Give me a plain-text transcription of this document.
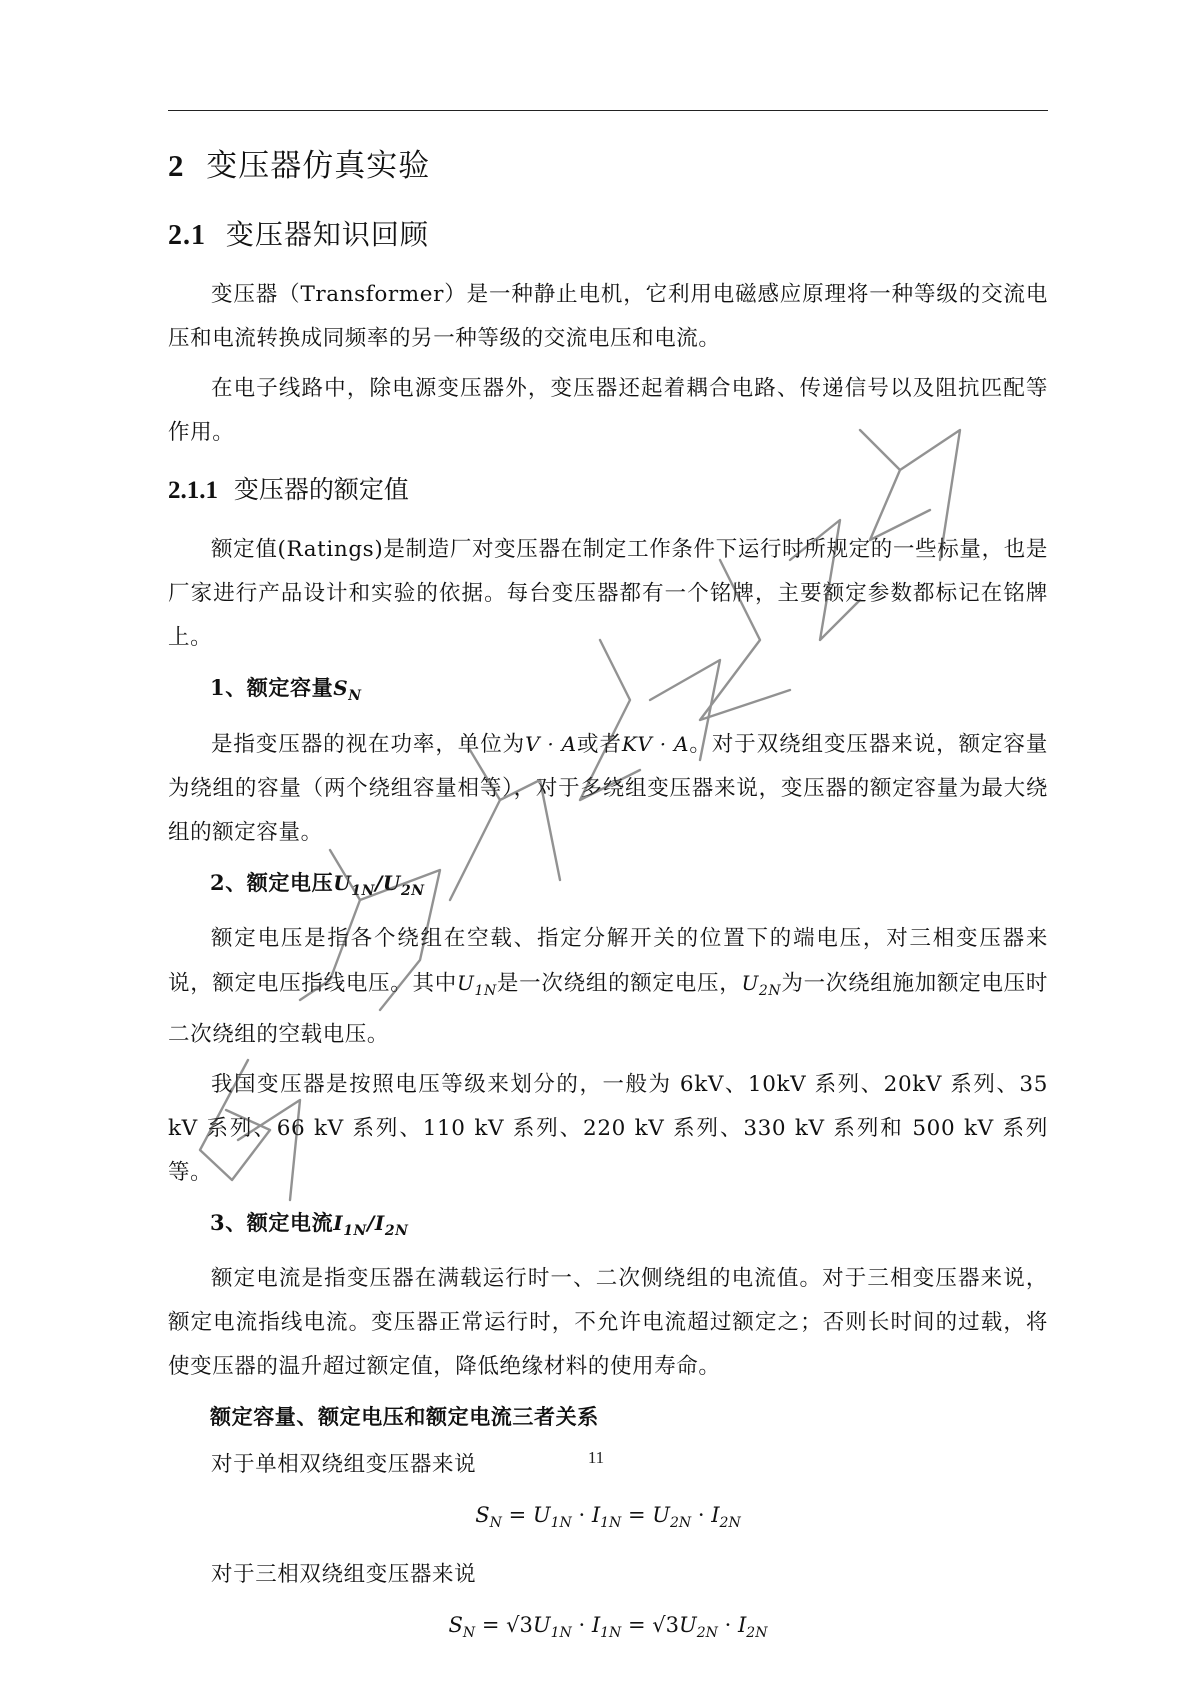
2 变压器仿真实验
2.1 变压器知识回顾

变压器（Transformer）是一种静止电机，它利用电磁感应原理将一种等级的交流电压和电流转换成同频率的另一种等级的交流电压和电流。

在电子线路中，除电源变压器外，变压器还起着耦合电路、传递信号以及阻抗匹配等作用。

2.1.1 变压器的额定值

额定值(Ratings)是制造厂对变压器在制定工作条件下运行时所规定的一些标量，也是厂家进行产品设计和实验的依据。每台变压器都有一个铭牌，主要额定参数都标记在铭牌上。

1、额定容量$S_N$

是指变压器的视在功率，单位为V · A或者KV · A。对于双绕组变压器来说，额定容量为绕组的容量（两个绕组容量相等），对于多绕组变压器来说，变压器的额定容量为最大绕组的额定容量。

2、额定电压$U_{1N}/U_{2N}$

额定电压是指各个绕组在空载、指定分解开关的位置下的端电压，对三相变压器来说，额定电压指线电压。其中$U_{1N}$是一次绕组的额定电压，$U_{2N}$为一次绕组施加额定电压时二次绕组的空载电压。

我国变压器是按照电压等级来划分的，一般为 6kV、10kV 系列、20kV 系列、35 kV 系列、66 kV 系列、110 kV 系列、220 kV 系列、330 kV 系列和 500 kV 系列等。

3、额定电流$I_{1N}/I_{2N}$

额定电流是指变压器在满载运行时一、二次侧绕组的电流值。对于三相变压器来说，额定电流指线电流。变压器正常运行时，不允许电流超过额定之；否则长时间的过载，将使变压器的温升超过额定值，降低绝缘材料的使用寿命。

额定容量、额定电压和额定电流三者关系

对于单相双绕组变压器来说

$S_N = U_{1N} \cdot I_{1N} = U_{2N} \cdot I_{2N}$

对于三相双绕组变压器来说

$S_N = √3U_{1N} \cdot I_{1N} = √3U_{2N} \cdot I_{2N}$
11
